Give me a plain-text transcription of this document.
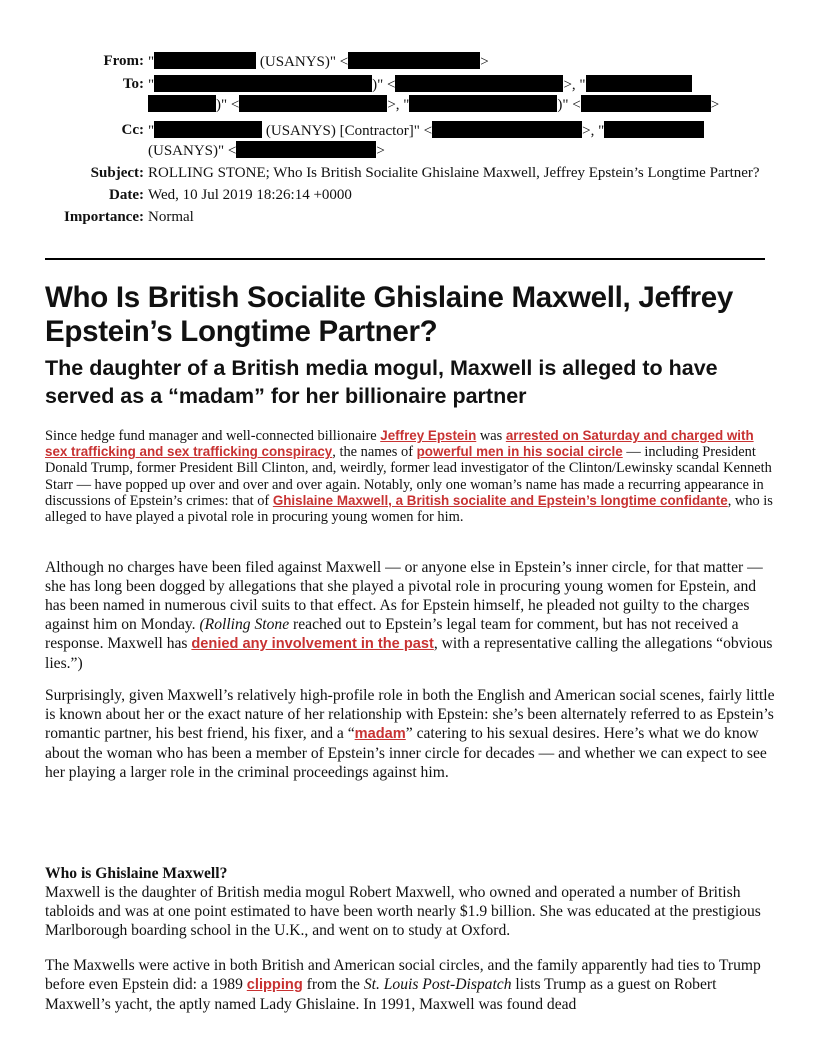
From: "	(USANYS)" <	>
To: "	)" <	>, "
)" <	>, "	)" <	>
Cc: "	(USANYS) [Contractor]" <	>, "
(USANYS)" <	>
Subject: ROLLING STONE; Who Is British Socialite Ghislaine Maxwell, Jeffrey Epstein’s Longtime Partner?
Date: Wed, 10 Jul 2019 18:26:14 +0000
Importance: Normal
Who Is British Socialite Ghislaine Maxwell, Jeffrey Epstein’s Longtime Partner?
The daughter of a British media mogul, Maxwell is alleged to have served as a “madam” for her billionaire partner

Since hedge fund manager and well-connected billionaire Jeffrey Epstein was arrested on Saturday and charged with sex trafficking and sex trafficking conspiracy, the names of powerful men in his social circle — including President Donald Trump, former President Bill Clinton, and, weirdly, former lead investigator of the Clinton/Lewinsky scandal Kenneth Starr — have popped up over and over and over again. Notably, only one woman’s name has made a recurring appearance in discussions of Epstein’s crimes: that of Ghislaine Maxwell, a British socialite and Epstein’s longtime confidante, who is alleged to have played a pivotal role in procuring young women for him.

Although no charges have been filed against Maxwell — or anyone else in Epstein’s inner circle, for that matter — she has long been dogged by allegations that she played a pivotal role in procuring young women for Epstein, and has been named in numerous civil suits to that effect. As for Epstein himself, he pleaded not guilty to the charges against him on Monday. (Rolling Stone reached out to Epstein’s legal team for comment, but has not received a response. Maxwell has denied any involvement in the past, with a representative calling the allegations “obvious lies.”)

Surprisingly, given Maxwell’s relatively high-profile role in both the English and American social scenes, fairly little is known about her or the exact nature of her relationship with Epstein: she’s been alternately referred to as Epstein’s romantic partner, his best friend, his fixer, and a “madam” catering to his sexual desires. Here’s what we do know about the woman who has been a member of Epstein’s inner circle for decades — and whether we can expect to see her playing a larger role in the criminal proceedings against him.

Who is Ghislaine Maxwell?

Maxwell is the daughter of British media mogul Robert Maxwell, who owned and operated a number of British tabloids and was at one point estimated to have been worth nearly $1.9 billion. She was educated at the prestigious Marlborough boarding school in the U.K., and went on to study at Oxford.

The Maxwells were active in both British and American social circles, and the family apparently had ties to Trump before even Epstein did: a 1989 clipping from the St. Louis Post-Dispatch lists Trump as a guest on Robert Maxwell’s yacht, the aptly named Lady Ghislaine. In 1991, Maxwell was found dead
